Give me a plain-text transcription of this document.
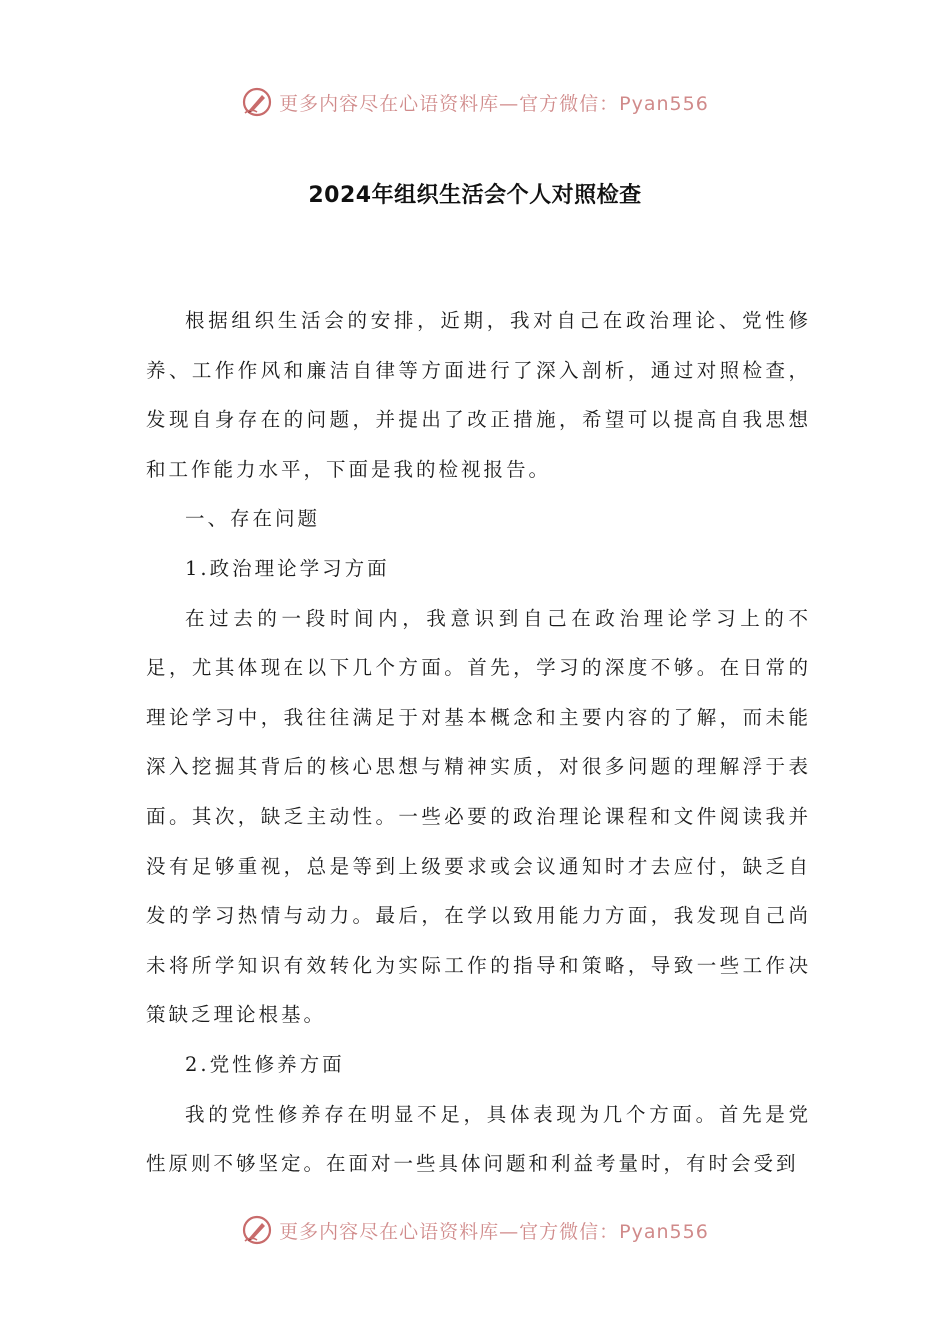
更多内容尽在心语资料库—官方微信：Pyan556
2024年组织生活会个人对照检查

根据组织生活会的安排，近期，我对自己在政治理论、党性修养、工作作风和廉洁自律等方面进行了深入剖析，通过对照检查，发现自身存在的问题，并提出了改正措施，希望可以提高自我思想和工作能力水平，下面是我的检视报告。

一、存在问题

1.政治理论学习方面

在过去的一段时间内，我意识到自己在政治理论学习上的不足，尤其体现在以下几个方面。首先，学习的深度不够。在日常的理论学习中，我往往满足于对基本概念和主要内容的了解，而未能深入挖掘其背后的核心思想与精神实质，对很多问题的理解浮于表面。其次，缺乏主动性。一些必要的政治理论课程和文件阅读我并没有足够重视，总是等到上级要求或会议通知时才去应付，缺乏自发的学习热情与动力。最后，在学以致用能力方面，我发现自己尚未将所学知识有效转化为实际工作的指导和策略，导致一些工作决策缺乏理论根基。

2.党性修养方面

我的党性修养存在明显不足，具体表现为几个方面。首先是党性原则不够坚定。在面对一些具体问题和利益考量时，有时会受到

更多内容尽在心语资料库—官方微信：Pyan556
